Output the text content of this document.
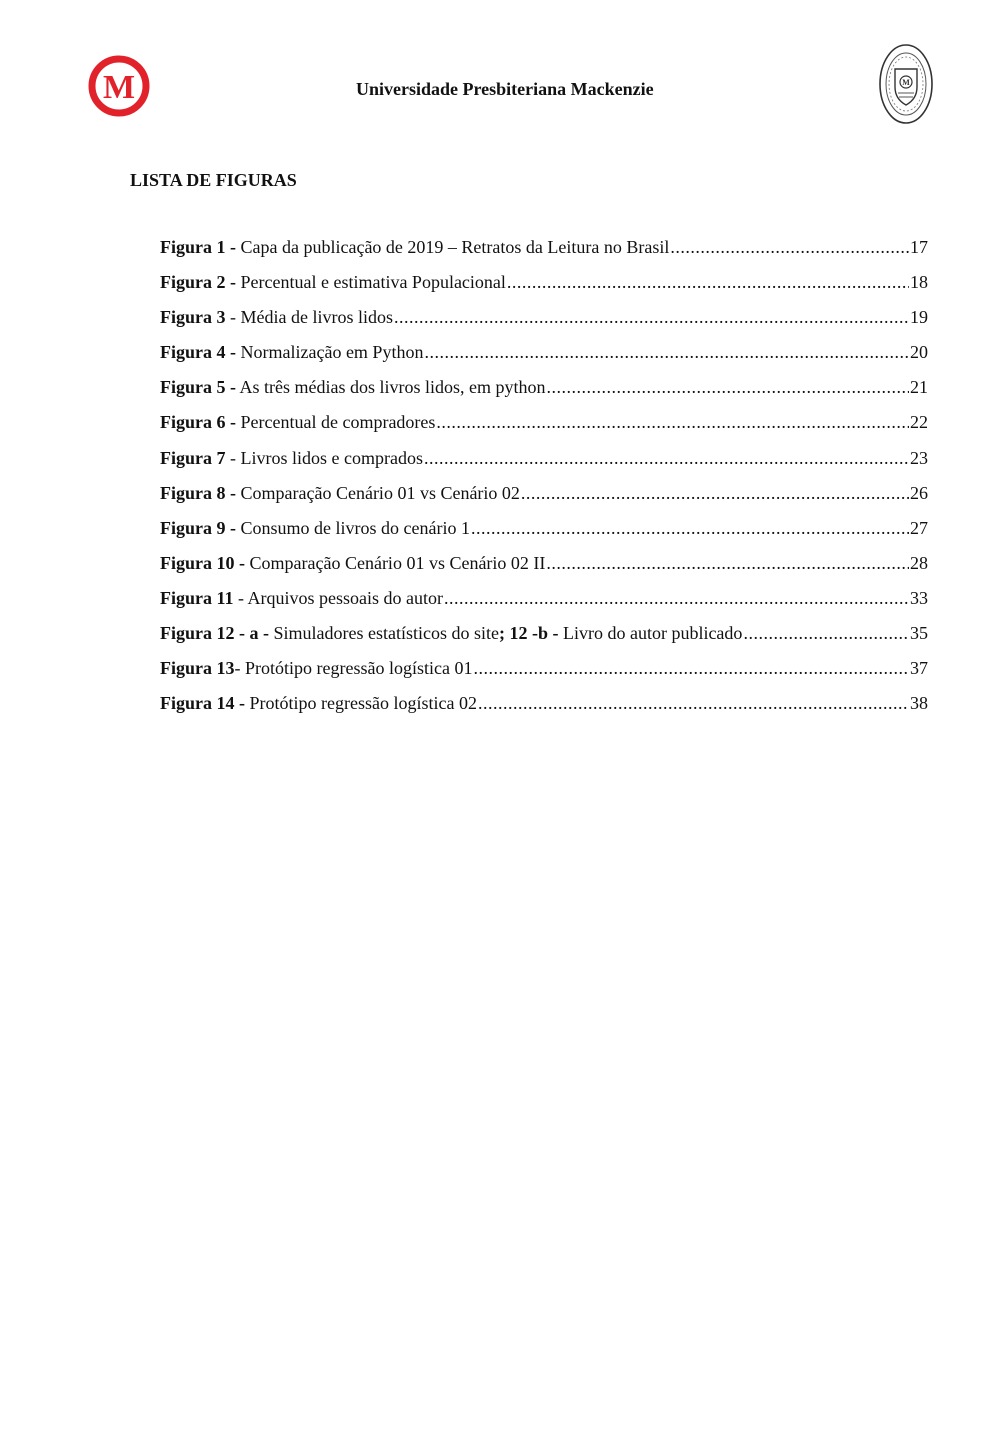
M	Universidade Presbiteriana Mackenzie	M
LISTA DE FIGURAS
Figura 1 - Capa da publicação de 2019 – Retratos da Leitura no Brasil .....	17
Figura 2 - Percentual e estimativa Populacional .....	18
Figura 3 - Média de livros lidos .....	19
Figura 4 - Normalização em Python .....	20
Figura 5 - As três médias dos livros lidos, em python .....	21
Figura 6 - Percentual de compradores .....	22
Figura 7 - Livros lidos e comprados .....	23
Figura 8 - Comparação Cenário 01 vs Cenário 02 .....	26
Figura 9 - Consumo de livros do cenário 1 .....	27
Figura 10 - Comparação Cenário 01 vs Cenário 02 II .....	28
Figura 11 - Arquivos pessoais do autor .....	33
Figura 12 - a - Simuladores estatísticos do site; 12 -b - Livro do autor publicado .....	35
Figura 13- Protótipo regressão logística 01 .....	37
Figura 14 - Protótipo regressão logística 02 .....	38
